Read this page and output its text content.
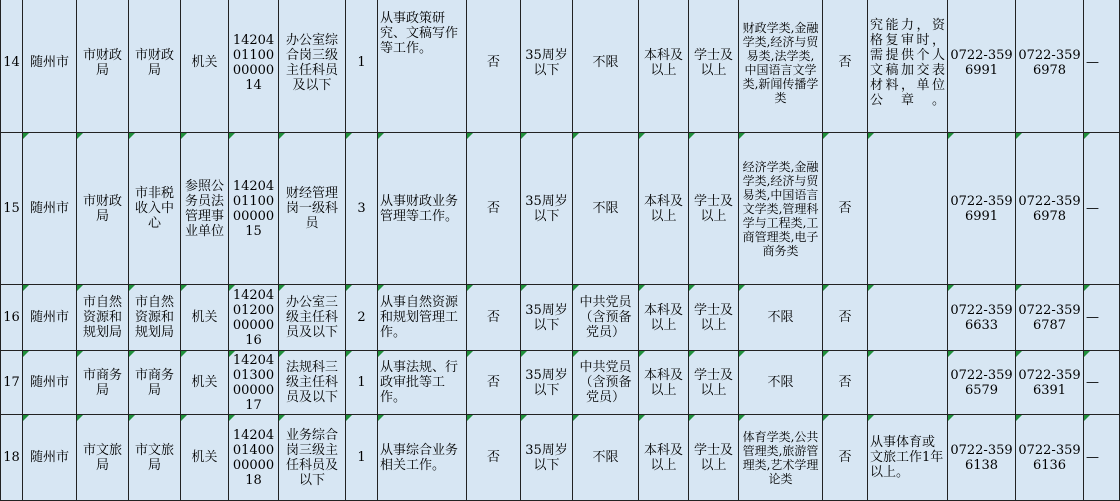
14	随州市	市财政局	市财政局	机关	14204011000000014	办公室综合岗三级主任科员及以下	1	从事政策研究、文稿写作等工作。	否	35周岁以下	不限	本科及以上	学士及以上	财政学类,金融学类,经济与贸易类,法学类,中国语言文学类,新闻传播学类	否	究能力，资格复审时，需提供个人文稿加交表材料，单位公章。	0722-3596991	0722-3596978	—
15	随州市	市财政局	市非税收入中心	参照公务员法管理事业单位	14204011000000015	财经管理岗一级科员	3	从事财政业务管理等工作。	否	35周岁以下	不限	本科及以上	学士及以上	经济学类,金融学类,经济与贸易类,中国语言文学类,管理科学与工程类,工商管理类,电子商务类	否		0722-3596991	0722-3596978	—
16	随州市	市自然资源和规划局	市自然资源和规划局	机关	14204012000000016	办公室三级主任科员及以下	2	从事自然资源和规划管理工作。	否	35周岁以下	中共党员（含预备党员）	本科及以上	学士及以上	不限	否		0722-3596633	0722-3596787	—
17	随州市	市商务局	市商务局	机关	14204013000000017	法规科三级主任科员及以下	1	从事法规、行政审批等工作。	否	35周岁以下	中共党员（含预备党员）	本科及以上	学士及以上	不限	否		0722-3596579	0722-3596391	—
18	随州市	市文旅局	市文旅局	机关	14204014000000018	业务综合岗三级主任科员及以下	1	从事综合业务相关工作。	否	35周岁以下	不限	本科及以上	学士及以上	体育学类,公共管理类,旅游管理类,艺术学理论类	否	从事体育或文旅工作1年以上。	0722-3596138	0722-3596136	—
